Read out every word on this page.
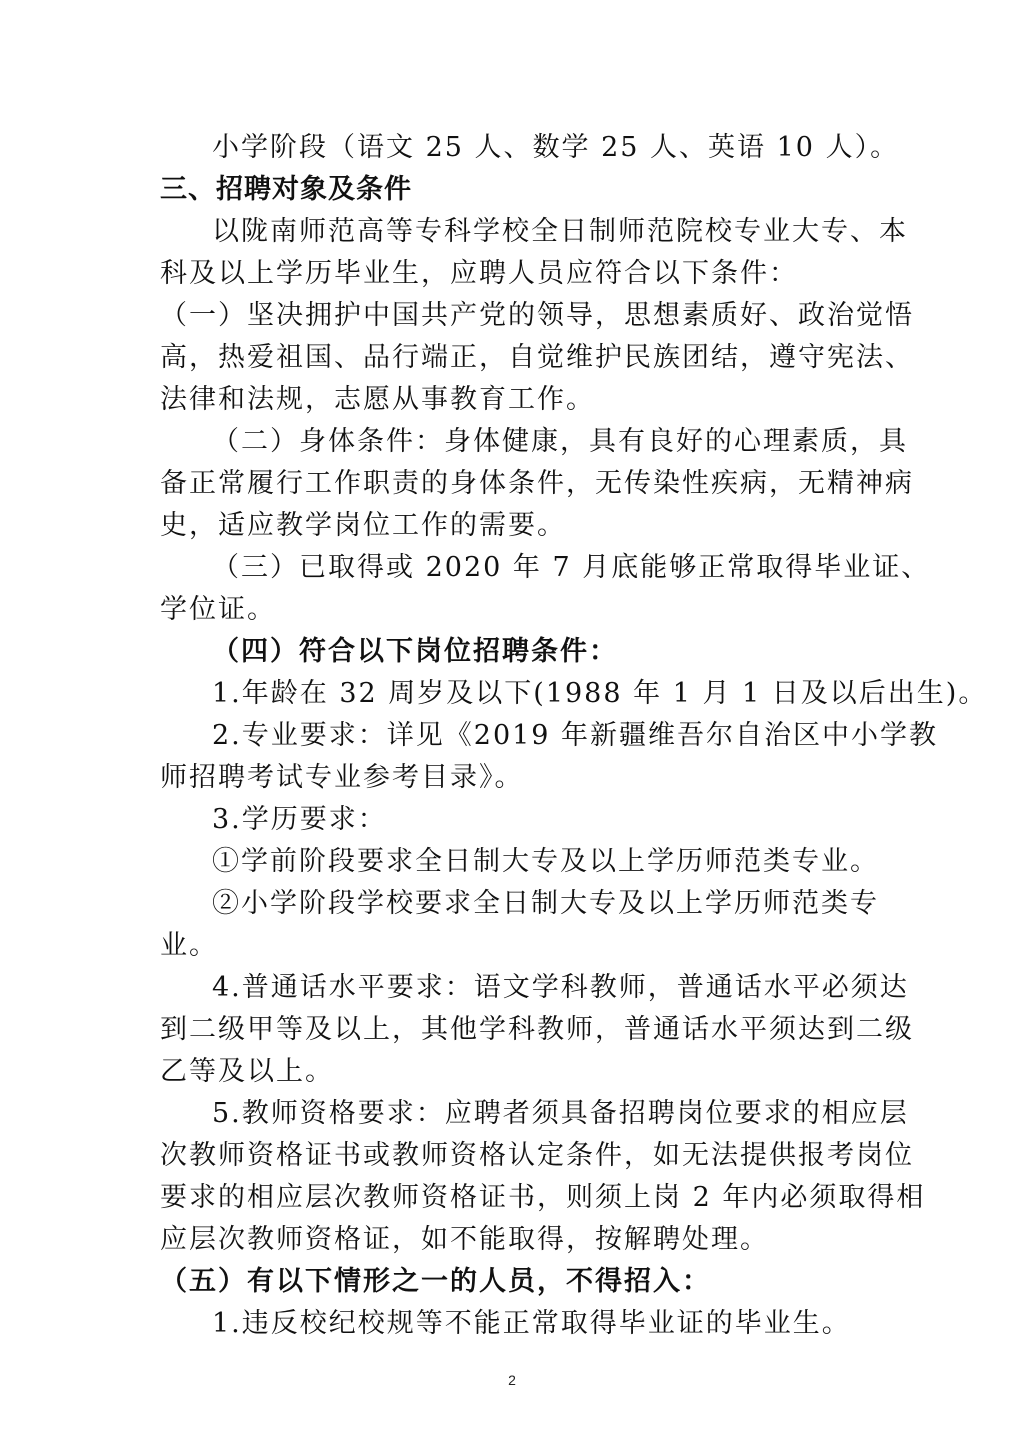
小学阶段（语文 25 人、数学 25 人、英语 10 人）。
三、招聘对象及条件
以陇南师范高等专科学校全日制师范院校专业大专、本
科及以上学历毕业生，应聘人员应符合以下条件：
（一）坚决拥护中国共产党的领导，思想素质好、政治觉悟
高，热爱祖国、品行端正，自觉维护民族团结，遵守宪法、
法律和法规，志愿从事教育工作。
（二）身体条件：身体健康，具有良好的心理素质，具
备正常履行工作职责的身体条件，无传染性疾病，无精神病
史，适应教学岗位工作的需要。
（三）已取得或 2020 年 7 月底能够正常取得毕业证、
学位证。
（四）符合以下岗位招聘条件：
1.年龄在 32 周岁及以下(1988 年 1 月 1 日及以后出生)。
2.专业要求：详见《2019 年新疆维吾尔自治区中小学教
师招聘考试专业参考目录》。
3.学历要求：
①学前阶段要求全日制大专及以上学历师范类专业。
②小学阶段学校要求全日制大专及以上学历师范类专
业。
4.普通话水平要求：语文学科教师，普通话水平必须达
到二级甲等及以上，其他学科教师，普通话水平须达到二级
乙等及以上。
5.教师资格要求：应聘者须具备招聘岗位要求的相应层
次教师资格证书或教师资格认定条件，如无法提供报考岗位
要求的相应层次教师资格证书，则须上岗 2 年内必须取得相
应层次教师资格证，如不能取得，按解聘处理。
（五）有以下情形之一的人员，不得招入：
1.违反校纪校规等不能正常取得毕业证的毕业生。
2
